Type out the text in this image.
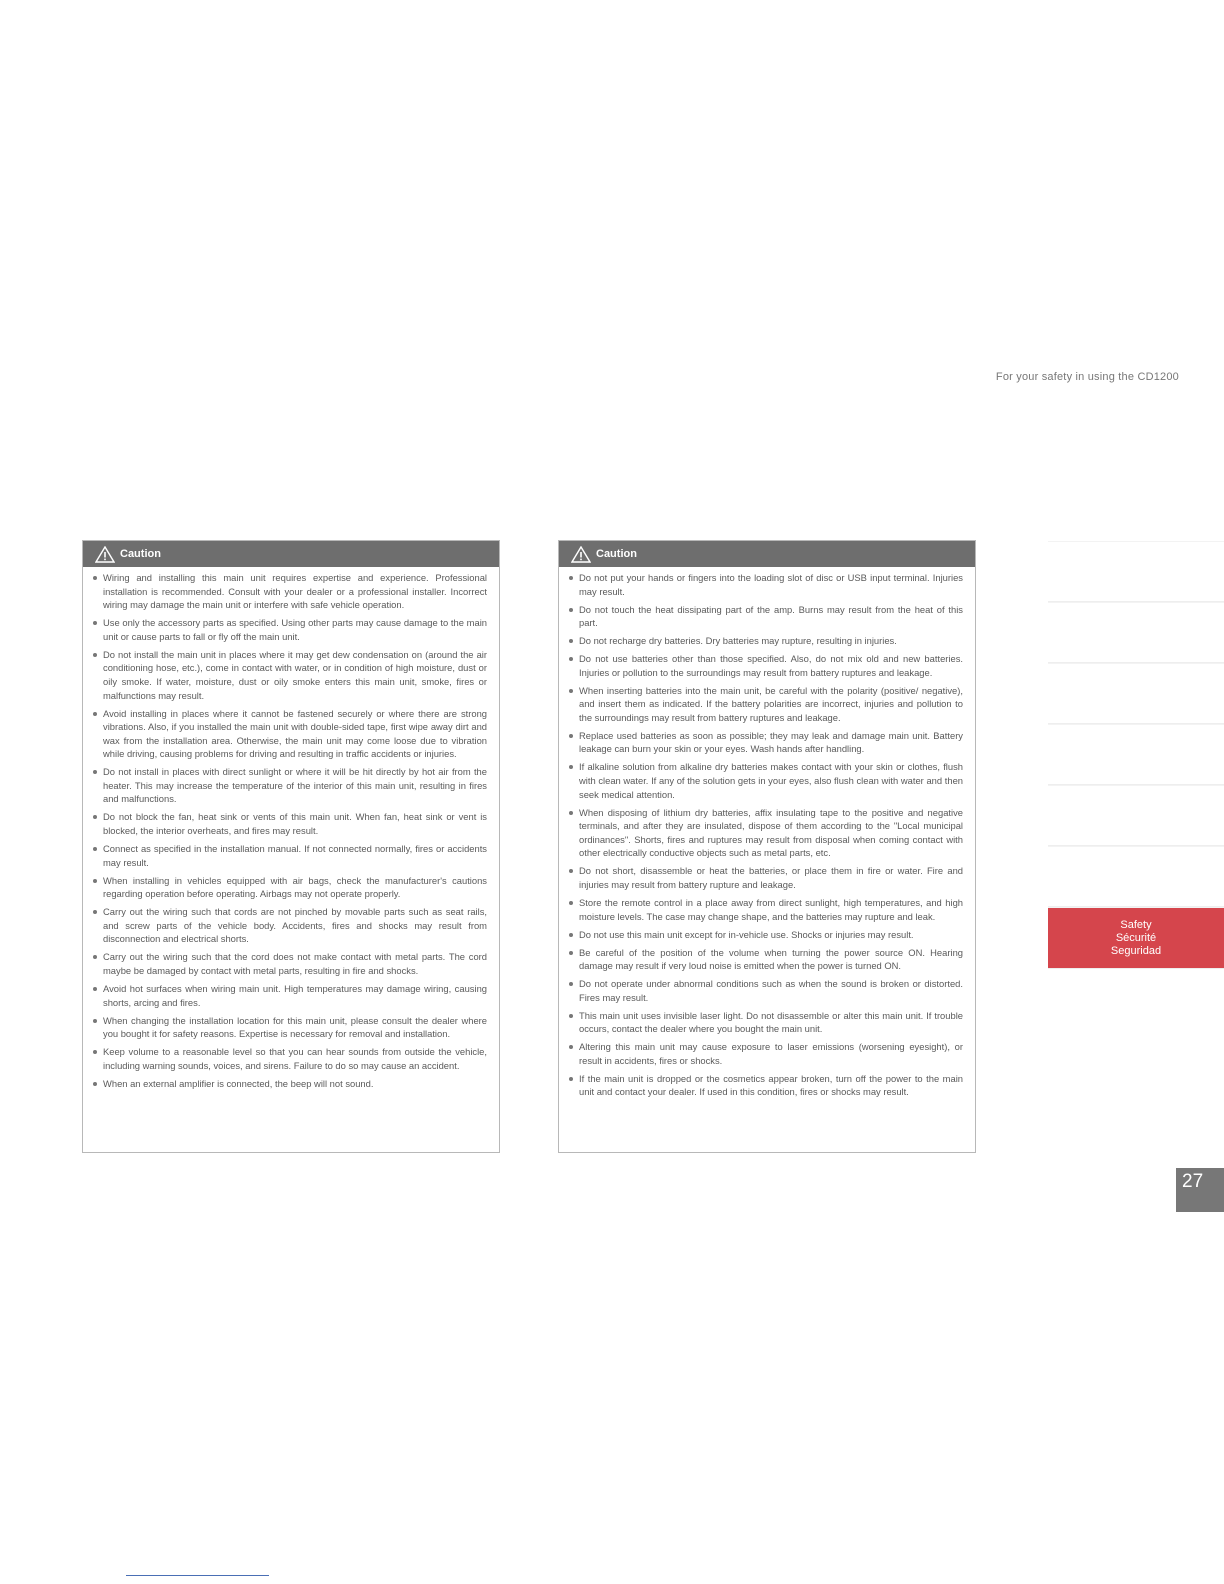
For your safety in using the CD1200
Caution
Wiring and installing this main unit requires expertise and experience. Professional installation is recommended. Consult with your dealer or a professional installer. Incorrect wiring may damage the main unit or interfere with safe vehicle operation.
Use only the accessory parts as specified. Using other parts may cause damage to the main unit or cause parts to fall or fly off the main unit.
Do not install the main unit in places where it may get dew condensation on (around the air conditioning hose, etc.), come in contact with water, or in condition of high moisture, dust or oily smoke. If water, moisture, dust or oily smoke enters this main unit, smoke, fires or malfunctions may result.
Avoid installing in places where it cannot be fastened securely or where there are strong vibrations. Also, if you installed the main unit with double-sided tape, first wipe away dirt and wax from the installation area. Otherwise, the main unit may come loose due to vibration while driving, causing problems for driving and resulting in traffic accidents or injuries.
Do not install in places with direct sunlight or where it will be hit directly by hot air from the heater. This may increase the temperature of the interior of this main unit, resulting in fires and malfunctions.
Do not block the fan, heat sink or vents of this main unit. When fan, heat sink or vent is blocked, the interior overheats, and fires may result.
Connect as specified in the installation manual. If not connected normally, fires or accidents may result.
When installing in vehicles equipped with air bags, check the manufacturer's cautions regarding operation before operating. Airbags may not operate properly.
Carry out the wiring such that cords are not pinched by movable parts such as seat rails, and screw parts of the vehicle body. Accidents, fires and shocks may result from disconnection and electrical shorts.
Carry out the wiring such that the cord does not make contact with metal parts. The cord maybe be damaged by contact with metal parts, resulting in fire and shocks.
Avoid hot surfaces when wiring main unit. High temperatures may damage wiring, causing shorts, arcing and fires.
When changing the installation location for this main unit, please consult the dealer where you bought it for safety reasons. Expertise is necessary for removal and installation.
Keep volume to a reasonable level so that you can hear sounds from outside the vehicle, including warning sounds, voices, and sirens. Failure to do so may cause an accident.
When an external amplifier is connected, the beep will not sound.
Caution
Do not put your hands or fingers into the loading slot of disc or USB input terminal. Injuries may result.
Do not touch the heat dissipating part of the amp. Burns may result from the heat of this part.
Do not recharge dry batteries. Dry batteries may rupture, resulting in injuries.
Do not use batteries other than those specified. Also, do not mix old and new batteries. Injuries or pollution to the surroundings may result from battery ruptures and leakage.
When inserting batteries into the main unit, be careful with the polarity (positive/ negative), and insert them as indicated. If the battery polarities are incorrect, injuries and pollution to the surroundings may result from battery ruptures and leakage.
Replace used batteries as soon as possible; they may leak and damage main unit. Battery leakage can burn your skin or your eyes. Wash hands after handling.
If alkaline solution from alkaline dry batteries makes contact with your skin or clothes, flush with clean water. If any of the solution gets in your eyes, also flush clean with water and then seek medical attention.
When disposing of lithium dry batteries, affix insulating tape to the positive and negative terminals, and after they are insulated, dispose of them according to the "Local municipal ordinances". Shorts, fires and ruptures may result from disposal when coming contact with other electrically conductive objects such as metal parts, etc.
Do not short, disassemble or heat the batteries, or place them in fire or water. Fire and injuries may result from battery rupture and leakage.
Store the remote control in a place away from direct sunlight, high temperatures, and high moisture levels. The case may change shape, and the batteries may rupture and leak.
Do not use this main unit except for in-vehicle use. Shocks or injuries may result.
Be careful of the position of the volume when turning the power source ON. Hearing damage may result if very loud noise is emitted when the power is turned ON.
Do not operate under abnormal conditions such as when the sound is broken or distorted. Fires may result.
This main unit uses invisible laser light. Do not disassemble or alter this main unit. If trouble occurs, contact the dealer where you bought the main unit.
Altering this main unit may cause exposure to laser emissions (worsening eyesight), or result in accidents, fires or shocks.
If the main unit is dropped or the cosmetics appear broken, turn off the power to the main unit and contact your dealer. If used in this condition, fires or shocks may result.
Safety
Sécurité
Seguridad
27
